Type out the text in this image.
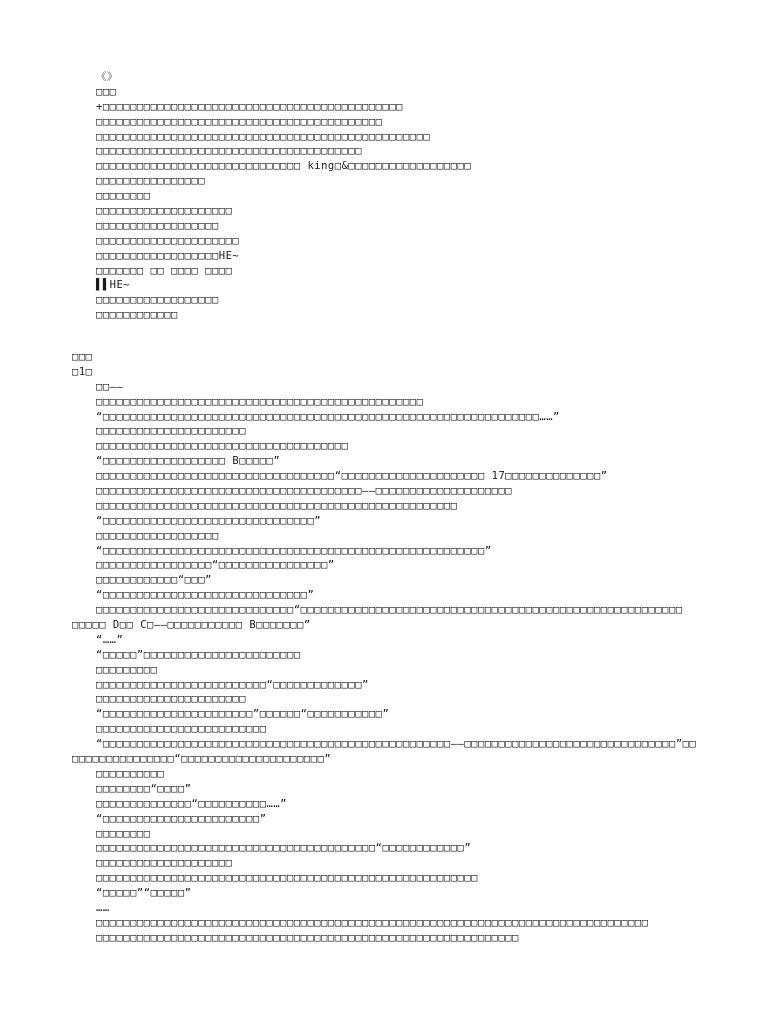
《》
□□□
+□□□□□□□□□□□□□□□□□□□□□□□□□□□□□□□□□□□□□□□□□□□□
□□□□□□□□□□□□□□□□□□□□□□□□□□□□□□□□□□□□□□□□□□
□□□□□□□□□□□□□□□□□□□□□□□□□□□□□□□□□□□□□□□□□□□□□□□□□
□□□□□□□□□□□□□□□□□□□□□□□□□□□□□□□□□□□□□□□
□□□□□□□□□□□□□□□□□□□□□□□□□□□□□□ king□&□□□□□□□□□□□□□□□□□□
□□□□□□□□□□□□□□□□
□□□□□□□□
□□□□□□□□□□□□□□□□□□□□
□□□□□□□□□□□□□□□□□□
□□□□□□□□□□□□□□□□□□□□□
□□□□□□□□□□□□□□□□□□HE~
□□□□□□□ □□ □□□□ □□□□
▌▌HE~
□□□□□□□□□□□□□□□□□□
□□□□□□□□□□□□
□□□
□1□
□□——
□□□□□□□□□□□□□□□□□□□□□□□□□□□□□□□□□□□□□□□□□□□□□□□□
“□□□□□□□□□□□□□□□□□□□□□□□□□□□□□□□□□□□□□□□□□□□□□□□□□□□□□□□□□□□□□□□□……”
□□□□□□□□□□□□□□□□□□□□□□
□□□□□□□□□□□□□□□□□□□□□□□□□□□□□□□□□□□□□
“□□□□□□□□□□□□□□□□□□ B□□□□□”
□□□□□□□□□□□□□□□□□□□□□□□□□□□□□□□□□□□“□□□□□□□□□□□□□□□□□□□□□ 17□□□□□□□□□□□□□□”
□□□□□□□□□□□□□□□□□□□□□□□□□□□□□□□□□□□□□□□——□□□□□□□□□□□□□□□□□□□□
□□□□□□□□□□□□□□□□□□□□□□□□□□□□□□□□□□□□□□□□□□□□□□□□□□□□□
“□□□□□□□□□□□□□□□□□□□□□□□□□□□□□□□”
□□□□□□□□□□□□□□□□□□
“□□□□□□□□□□□□□□□□□□□□□□□□□□□□□□□□□□□□□□□□□□□□□□□□□□□□□□□□”
□□□□□□□□□□□□□□□□□“□□□□□□□□□□□□□□□□”
□□□□□□□□□□□□“□□□”
“□□□□□□□□□□□□□□□□□□□□□□□□□□□□□□”
□□□□□□□□□□□□□□□□□□□□□□□□□□□□□“□□□□□□□□□□□□□□□□□□□□□□□□□□□□□□□□□□□□□□□□□□□□□□□□□□□□□□□□
□□□□□ D□□ C□——□□□□□□□□□□□ B□□□□□□□”
“……”
“□□□□□”□□□□□□□□□□□□□□□□□□□□□□□
□□□□□□□□□
□□□□□□□□□□□□□□□□□□□□□□□□□“□□□□□□□□□□□□□”
□□□□□□□□□□□□□□□□□□□□□□
“□□□□□□□□□□□□□□□□□□□□□□”□□□□□□“□□□□□□□□□□□”
□□□□□□□□□□□□□□□□□□□□□□□□□
“□□□□□□□□□□□□□□□□□□□□□□□□□□□□□□□□□□□□□□□□□□□□□□□□□□□——□□□□□□□□□□□□□□□□□□□□□□□□□□□□□□□”□□
□□□□□□□□□□□□□□□“□□□□□□□□□□□□□□□□□□□□□”
□□□□□□□□□□
□□□□□□□□“□□□□”
□□□□□□□□□□□□□□“□□□□□□□□□□……”
“□□□□□□□□□□□□□□□□□□□□□□□”
□□□□□□□□
□□□□□□□□□□□□□□□□□□□□□□□□□□□□□□□□□□□□□□□□□“□□□□□□□□□□□□”
□□□□□□□□□□□□□□□□□□□□
□□□□□□□□□□□□□□□□□□□□□□□□□□□□□□□□□□□□□□□□□□□□□□□□□□□□□□□□
“□□□□□”“□□□□□”
……
□□□□□□□□□□□□□□□□□□□□□□□□□□□□□□□□□□□□□□□□□□□□□□□□□□□□□□□□□□□□□□□□□□□□□□□□□□□□□□□□□
□□□□□□□□□□□□□□□□□□□□□□□□□□□□□□□□□□□□□□□□□□□□□□□□□□□□□□□□□□□□□□
